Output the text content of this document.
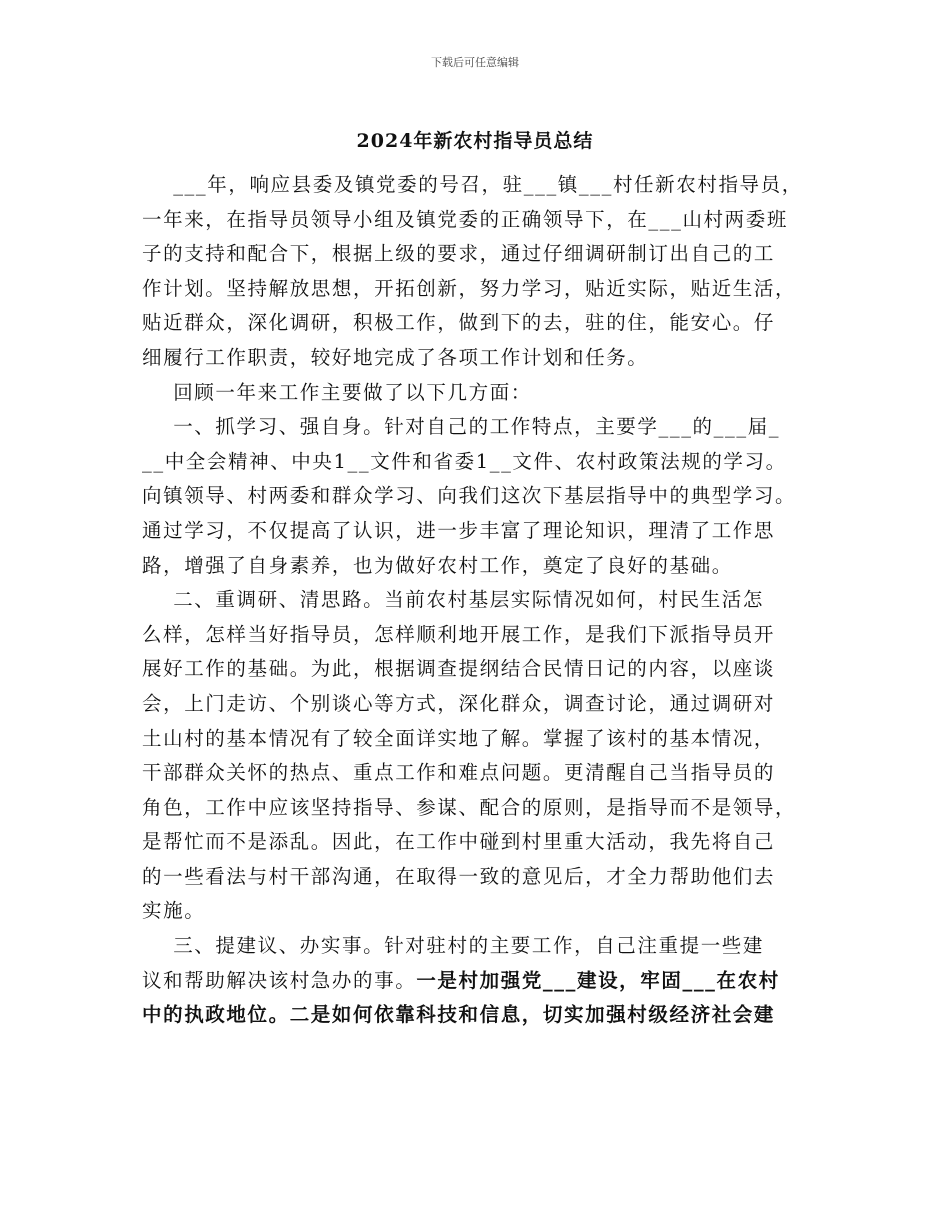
下载后可任意编辑
2024年新农村指导员总结
___年，响应县委及镇党委的号召，驻___镇___村任新农村指导员，
一年来，在指导员领导小组及镇党委的正确领导下，在___山村两委班
子的支持和配合下，根据上级的要求，通过仔细调研制订出自己的工
作计划。坚持解放思想，开拓创新，努力学习，贴近实际，贴近生活，
贴近群众，深化调研，积极工作，做到下的去，驻的住，能安心。仔
细履行工作职责，较好地完成了各项工作计划和任务。
回顾一年来工作主要做了以下几方面：
一、抓学习、强自身。针对自己的工作特点，主要学___的___届_
__中全会精神、中央1__文件和省委1__文件、农村政策法规的学习。
向镇领导、村两委和群众学习、向我们这次下基层指导中的典型学习。
通过学习，不仅提高了认识，进一步丰富了理论知识，理清了工作思
路，增强了自身素养，也为做好农村工作，奠定了良好的基础。
二、重调研、清思路。当前农村基层实际情况如何，村民生活怎
么样，怎样当好指导员，怎样顺利地开展工作，是我们下派指导员开
展好工作的基础。为此，根据调查提纲结合民情日记的内容，以座谈
会，上门走访、个别谈心等方式，深化群众，调查讨论，通过调研对
土山村的基本情况有了较全面详实地了解。掌握了该村的基本情况，
干部群众关怀的热点、重点工作和难点问题。更清醒自己当指导员的
角色，工作中应该坚持指导、参谋、配合的原则，是指导而不是领导，
是帮忙而不是添乱。因此，在工作中碰到村里重大活动，我先将自己
的一些看法与村干部沟通，在取得一致的意见后，才全力帮助他们去
实施。
三、提建议、办实事。针对驻村的主要工作，自己注重提一些建
议和帮助解决该村急办的事。一是村加强党___建设，牢固___在农村
中的执政地位。二是如何依靠科技和信息，切实加强村级经济社会建
